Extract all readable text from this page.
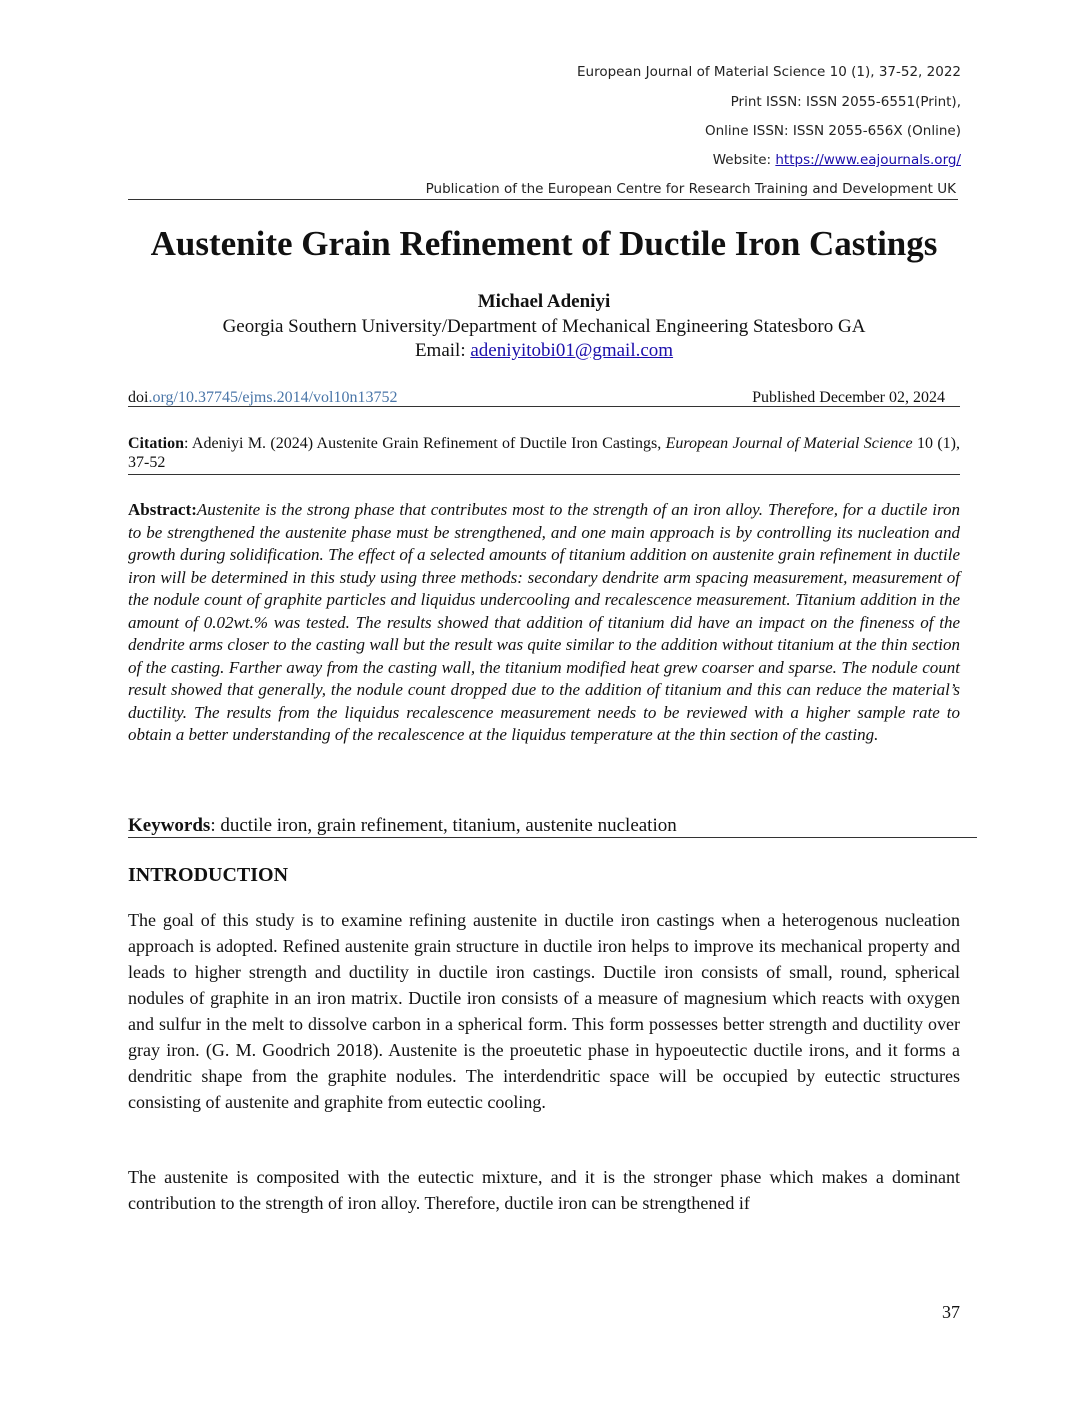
European Journal of Material Science 10 (1), 37-52, 2022
Print ISSN: ISSN 2055-6551(Print),
Online ISSN: ISSN 2055-656X (Online)
Website: https://www.eajournals.org/
Publication of the European Centre for Research Training and Development UK
Austenite Grain Refinement of Ductile Iron Castings
Michael Adeniyi
Georgia Southern University/Department of Mechanical Engineering Statesboro GA
Email: adeniyitobi01@gmail.com
doi.org/10.37745/ejms.2014/vol10n13752	Published December 02, 2024
Citation: Adeniyi M. (2024) Austenite Grain Refinement of Ductile Iron Castings, European Journal of Material Science 10 (1), 37-52
Abstract:Austenite is the strong phase that contributes most to the strength of an iron alloy. Therefore, for a ductile iron to be strengthened the austenite phase must be strengthened, and one main approach is by controlling its nucleation and growth during solidification. The effect of a selected amounts of titanium addition on austenite grain refinement in ductile iron will be determined in this study using three methods: secondary dendrite arm spacing measurement, measurement of the nodule count of graphite particles and liquidus undercooling and recalescence measurement. Titanium addition in the amount of 0.02wt.% was tested. The results showed that addition of titanium did have an impact on the fineness of the dendrite arms closer to the casting wall but the result was quite similar to the addition without titanium at the thin section of the casting. Farther away from the casting wall, the titanium modified heat grew coarser and sparse. The nodule count result showed that generally, the nodule count dropped due to the addition of titanium and this can reduce the material’s ductility. The results from the liquidus recalescence measurement needs to be reviewed with a higher sample rate to obtain a better understanding of the recalescence at the liquidus temperature at the thin section of the casting.
Keywords: ductile iron, grain refinement, titanium, austenite nucleation
INTRODUCTION
The goal of this study is to examine refining austenite in ductile iron castings when a heterogenous nucleation approach is adopted. Refined austenite grain structure in ductile iron helps to improve its mechanical property and leads to higher strength and ductility in ductile iron castings. Ductile iron consists of small, round, spherical nodules of graphite in an iron matrix. Ductile iron consists of a measure of magnesium which reacts with oxygen and sulfur in the melt to dissolve carbon in a spherical form. This form possesses better strength and ductility over gray iron. (G. M. Goodrich 2018). Austenite is the proeutetic phase in hypoeutectic ductile irons, and it forms a dendritic shape from the graphite nodules. The interdendritic space will be occupied by eutectic structures consisting of austenite and graphite from eutectic cooling.
The austenite is composited with the eutectic mixture, and it is the stronger phase which makes a dominant contribution to the strength of iron alloy. Therefore, ductile iron can be strengthened if
37
